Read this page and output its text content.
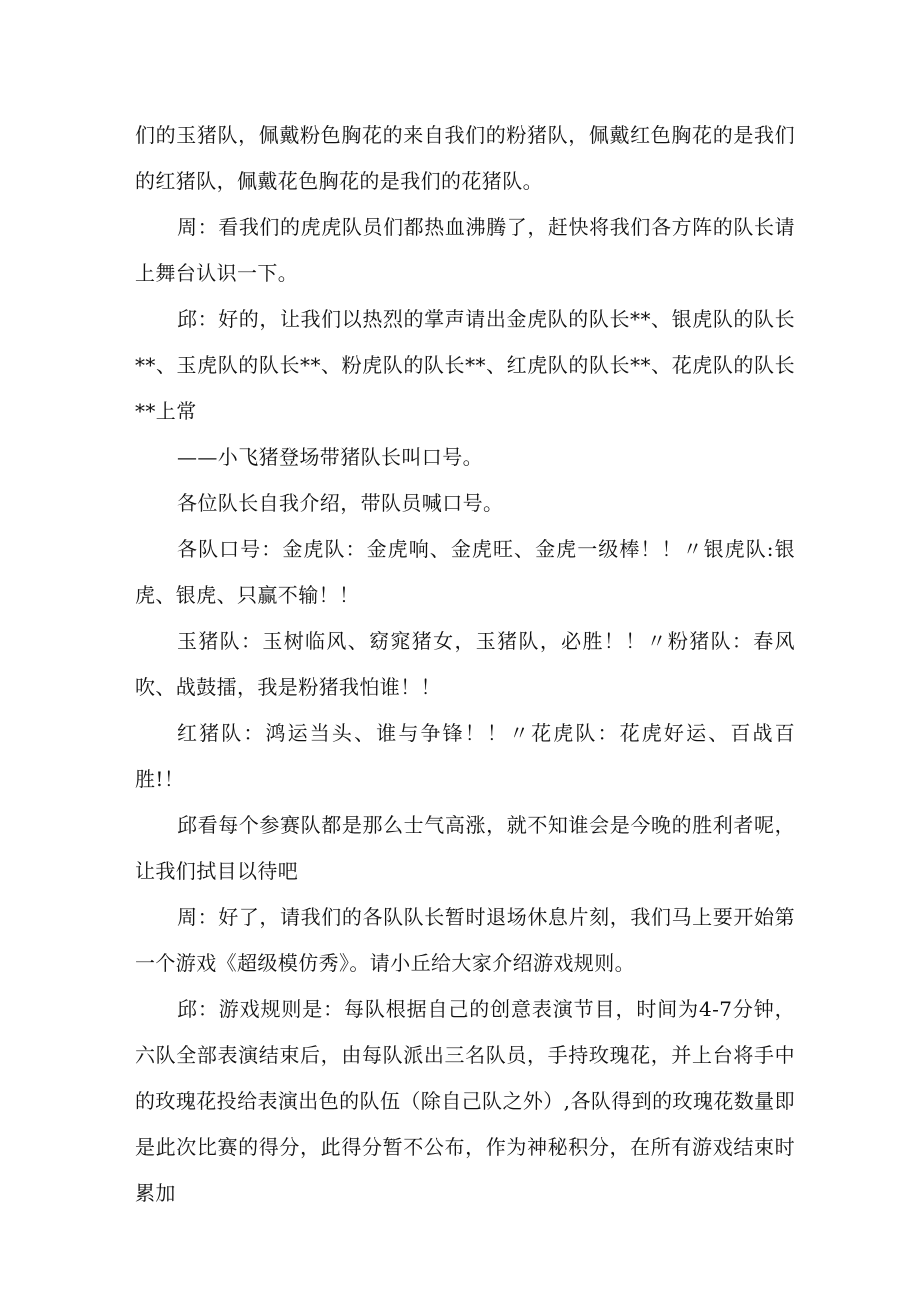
们的玉猪队，佩戴粉色胸花的来自我们的粉猪队，佩戴红色胸花的是我们的红猪队，佩戴花色胸花的是我们的花猪队。

周：看我们的虎虎队员们都热血沸腾了，赶快将我们各方阵的队长请上舞台认识一下。

邱：好的，让我们以热烈的掌声请出金虎队的队长**、银虎队的队长**、玉虎队的队长**、粉虎队的队长**、红虎队的队长**、花虎队的队长**上常

——小飞猪登场带猪队长叫口号。

各位队长自我介绍，带队员喊口号。

各队口号：金虎队：金虎响、金虎旺、金虎一级棒！！〃银虎队:银虎、银虎、只赢不输！！

玉猪队：玉树临风、窈窕猪女，玉猪队，必胜！！〃粉猪队：春风吹、战鼓擂，我是粉猪我怕谁！！

红猪队：鸿运当头、谁与争锋！！〃花虎队：花虎好运、百战百胜!！

邱看每个参赛队都是那么士气高涨，就不知谁会是今晚的胜利者呢，让我们拭目以待吧

周：好了，请我们的各队队长暂时退场休息片刻，我们马上要开始第一个游戏《超级模仿秀》。请小丘给大家介绍游戏规则。

邱：游戏规则是：每队根据自己的创意表演节目，时间为4-7分钟，六队全部表演结束后，由每队派出三名队员，手持玫瑰花，并上台将手中的玫瑰花投给表演出色的队伍（除自己队之外）,各队得到的玫瑰花数量即是此次比赛的得分，此得分暂不公布，作为神秘积分，在所有游戏结束时累加
